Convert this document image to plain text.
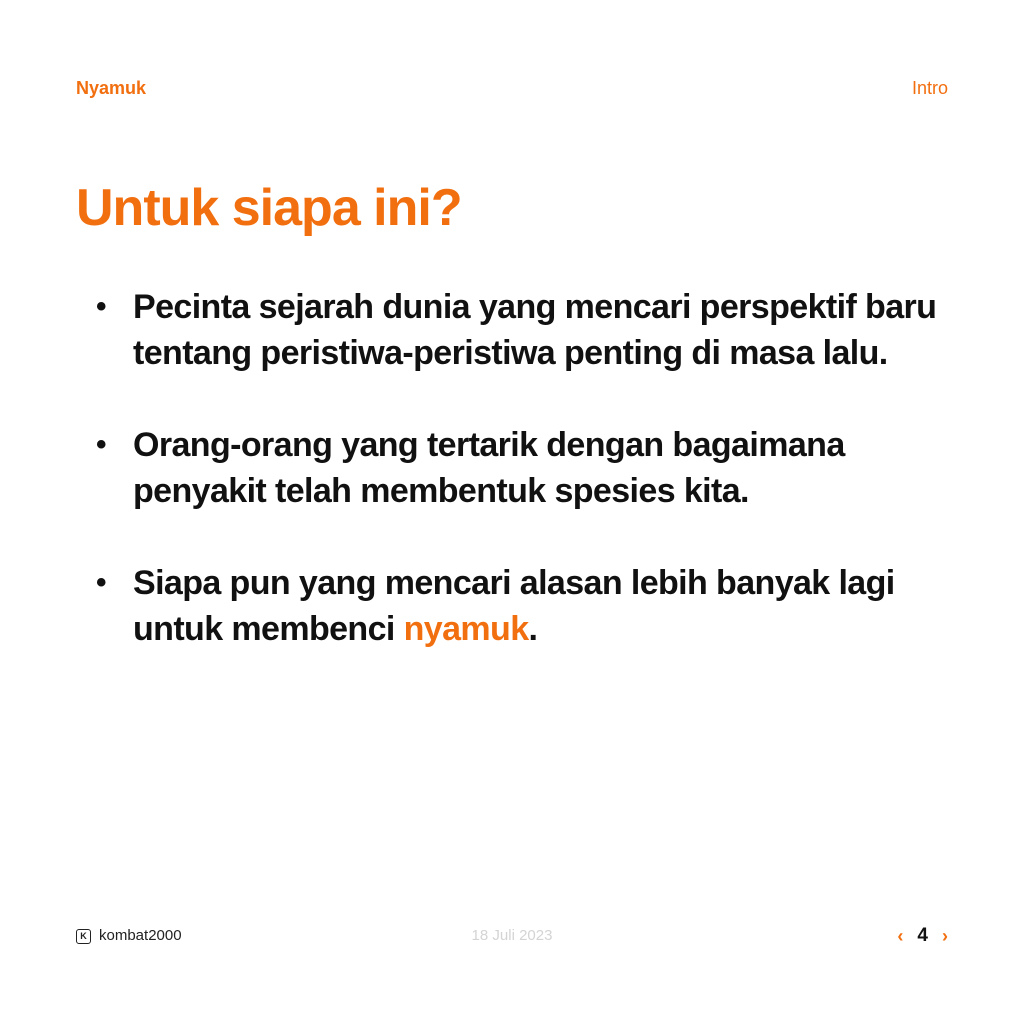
Nyamuk	Intro
Untuk siapa ini?
• Pecinta sejarah dunia yang mencari perspektif baru tentang peristiwa-peristiwa penting di masa lalu.
• Orang-orang yang tertarik dengan bagaimana penyakit telah membentuk spesies kita.
• Siapa pun yang mencari alasan lebih banyak lagi untuk membenci nyamuk.
K kombat2000	18 Juli 2023	‹ 4 ›
